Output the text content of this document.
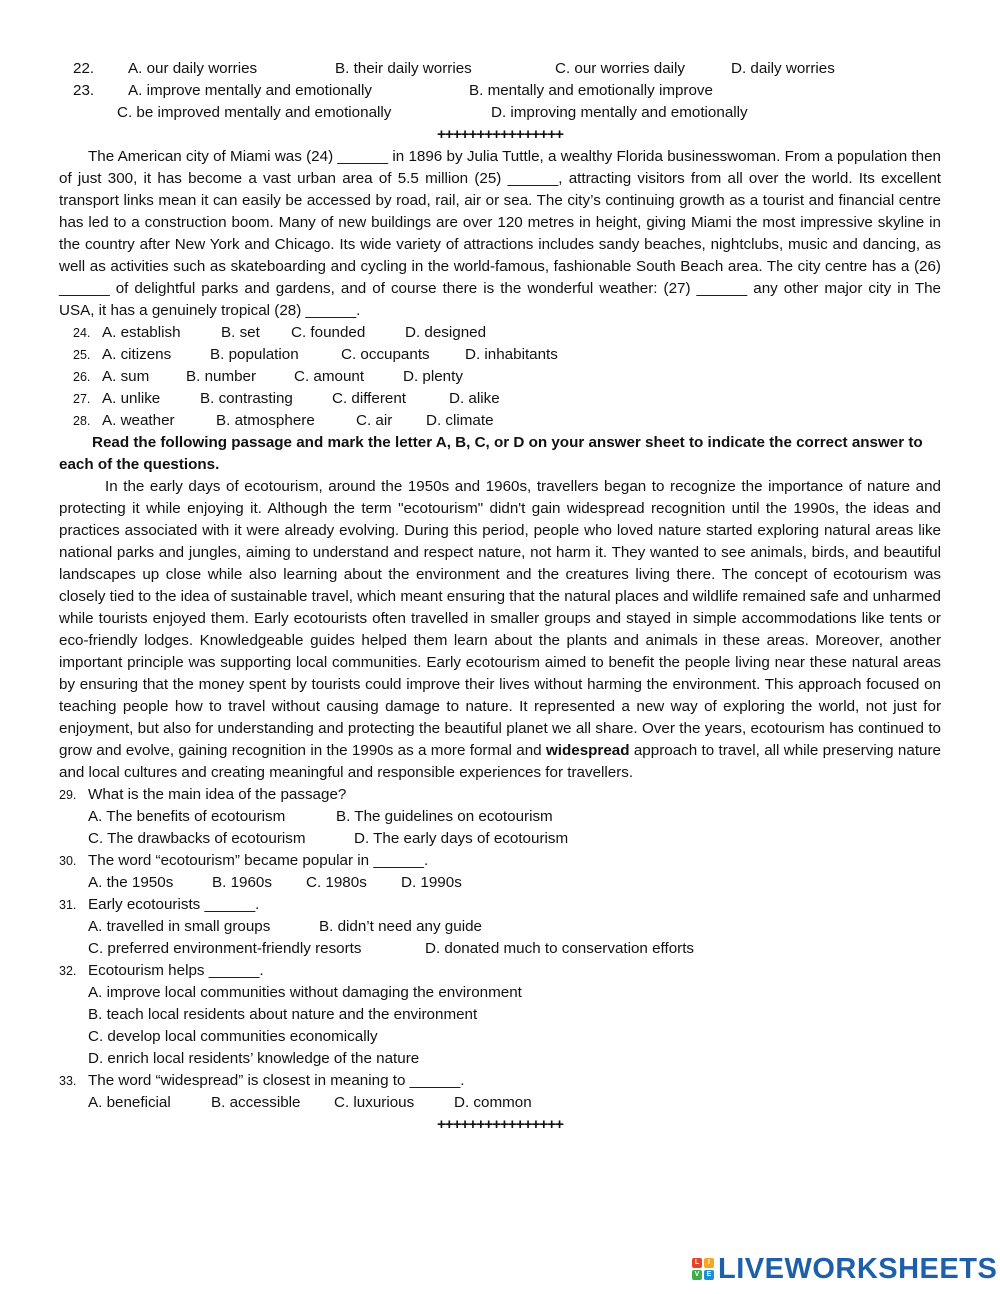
22. A. our daily worries	B. their daily worries	C. our worries daily	D. daily worries
23. A. improve mentally and emotionally	B. mentally and emotionally improve
C. be improved mentally and emotionally	D. improving mentally and emotionally
++++++++++++++++

The American city of Miami was (24) ______ in 1896 by Julia Tuttle, a wealthy Florida businesswoman. From a population then of just 300, it has become a vast urban area of 5.5 million (25) ______, attracting visitors from all over the world. Its excellent transport links mean it can easily be accessed by road, rail, air or sea. The city’s continuing growth as a tourist and financial centre has led to a construction boom. Many of new buildings are over 120 metres in height, giving Miami the most impressive skyline in the country after New York and Chicago. Its wide variety of attractions includes sandy beaches, nightclubs, music and dancing, as well as activities such as skateboarding and cycling in the world-famous, fashionable South Beach area. The city centre has a (26) ______ of delightful parks and gardens, and of course there is the wonderful weather: (27) ______ any other major city in The USA, it has a genuinely tropical (28) ______.

24. A. establish	B. set C. founded	D. designed
25. A. citizens	B. population	C. occupants D. inhabitants
26. A. sum B. number C. amount	D. plenty
27. A. unlike	B. contrasting	C. different	D. alike
28. A. weather	B. atmosphere	C. air D. climate

Read the following passage and mark the letter A, B, C, or D on your answer sheet to indicate the correct answer to each of the questions.

In the early days of ecotourism, around the 1950s and 1960s, travellers began to recognize the importance of nature and protecting it while enjoying it. Although the term "ecotourism" didn't gain widespread recognition until the 1990s, the ideas and practices associated with it were already evolving. During this period, people who loved nature started exploring natural areas like national parks and jungles, aiming to understand and respect nature, not harm it. They wanted to see animals, birds, and beautiful landscapes up close while also learning about the environment and the creatures living there. The concept of ecotourism was closely tied to the idea of sustainable travel, which meant ensuring that the natural places and wildlife remained safe and unharmed while tourists enjoyed them. Early ecotourists often travelled in smaller groups and stayed in simple accommodations like tents or eco-friendly lodges. Knowledgeable guides helped them learn about the plants and animals in these areas. Moreover, another important principle was supporting local communities. Early ecotourism aimed to benefit the people living near these natural areas by ensuring that the money spent by tourists could improve their lives without harming the environment. This approach focused on teaching people how to travel without causing damage to nature. It represented a new way of exploring the world, not just for enjoyment, but also for understanding and protecting the beautiful planet we all share. Over the years, ecotourism has continued to grow and evolve, gaining recognition in the 1990s as a more formal and widespread approach to travel, all while preserving nature and local cultures and creating meaningful and responsible experiences for travellers.

29. What is the main idea of the passage?
A. The benefits of ecotourism	B. The guidelines on ecotourism
C. The drawbacks of ecotourism	D. The early days of ecotourism
30. The word “ecotourism” became popular in ______.
A. the 1950s	B. 1960s C. 1980s D. 1990s
31. Early ecotourists ______.
A. travelled in small groups	B. didn’t need any guide
C. preferred environment-friendly resorts	D. donated much to conservation efforts
32. Ecotourism helps ______.
A. improve local communities without damaging the environment
B. teach local residents about nature and the environment
C. develop local communities economically
D. enrich local residents’ knowledge of the nature
33. The word “widespread” is closest in meaning to ______.
A. beneficial	B. accessible C. luxurious	D. common
++++++++++++++++
L	I
V	E LIVEWORKSHEETS
